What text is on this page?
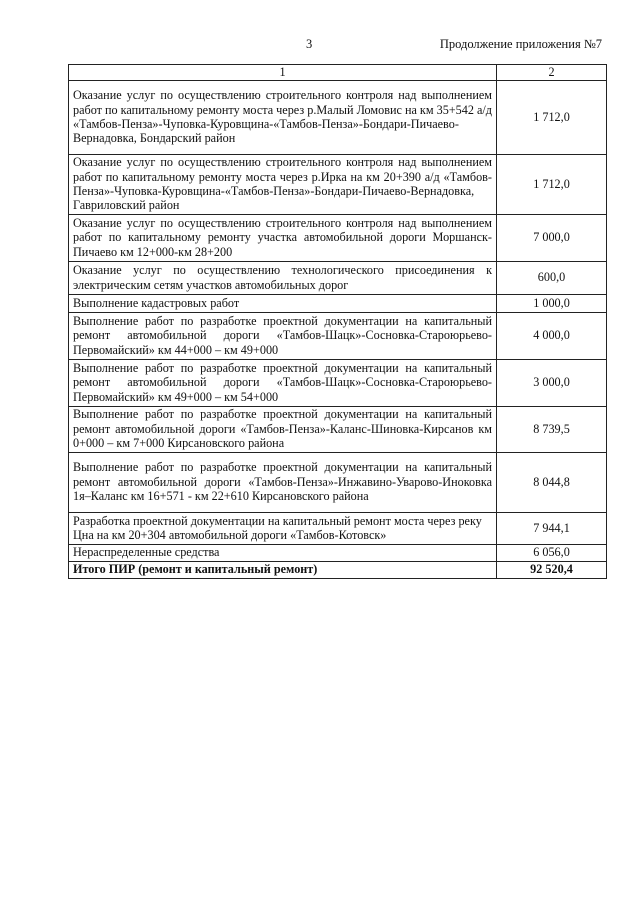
3	Продолжение приложения №7
1	2
Оказание услуг по осуществлению строительного контроля над выполнением работ по капитальному ремонту моста через р.Малый Ломовис на км 35+542 а/д «Тамбов-Пенза»-Чуповка-Куровщина-«Тамбов-Пенза»-Бондари-Пичаево-Вернадовка, Бондарский район	1 712,0
Оказание услуг по осуществлению строительного контроля над выполнением работ по капитальному ремонту моста через р.Ирка на км 20+390 а/д «Тамбов-Пенза»-Чуповка-Куровщина-«Тамбов-Пенза»-Бондари-Пичаево-Вернадовка, Гавриловский район	1 712,0
Оказание услуг по осуществлению строительного контроля над выполнением работ по капитальному ремонту участка автомобильной дороги Моршанск-Пичаево км 12+000-км 28+200	7 000,0
Оказание услуг по осуществлению технологического присоединения к электрическим сетям участков автомобильных дорог	600,0
Выполнение кадастровых работ	1 000,0
Выполнение работ по разработке проектной документации на капитальный ремонт автомобильной дороги «Тамбов-Шацк»-Сосновка-Староюрьево-Первомайский» км 44+000 – км 49+000	4 000,0
Выполнение работ по разработке проектной документации на капитальный ремонт автомобильной дороги «Тамбов-Шацк»-Сосновка-Староюрьево-Первомайский» км 49+000 – км 54+000	3 000,0
Выполнение работ по разработке проектной документации на капитальный ремонт автомобильной дороги «Тамбов-Пенза»-Каланс-Шиновка-Кирсанов км 0+000 – км 7+000 Кирсановского района	8 739,5
Выполнение работ по разработке проектной документации на капитальный ремонт автомобильной дороги «Тамбов-Пенза»-Инжавино-Уварово-Иноковка 1я–Каланс км 16+571 - км 22+610 Кирсановского района	8 044,8
Разработка проектной документации на капитальный ремонт моста через реку Цна на км 20+304 автомобильной дороги «Тамбов-Котовск»	7 944,1
Нераспределенные средства	6 056,0
Итого ПИР (ремонт и капитальный ремонт)	92 520,4
